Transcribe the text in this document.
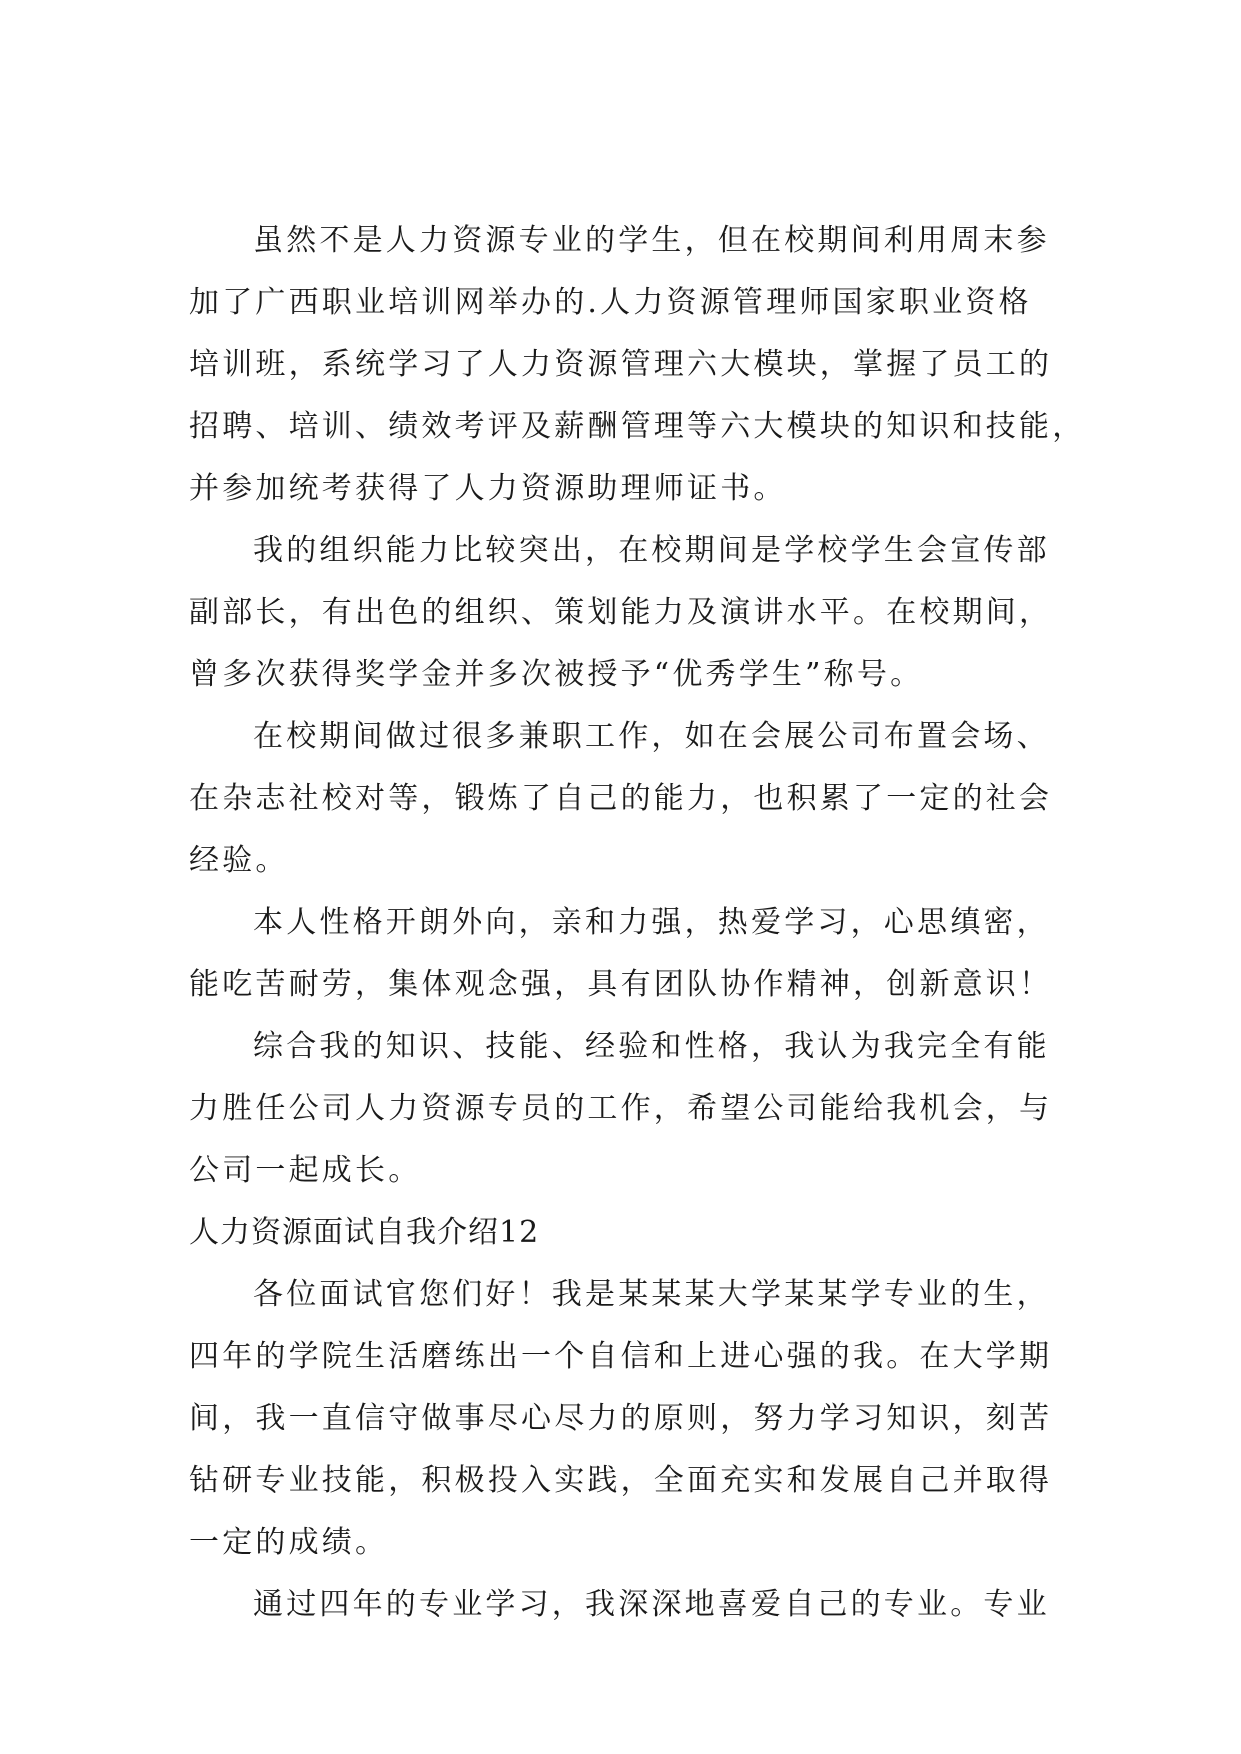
虽然不是人力资源专业的学生，但在校期间利用周末参
加了广西职业培训网举办的.人力资源管理师国家职业资格
培训班，系统学习了人力资源管理六大模块，掌握了员工的
招聘、培训、绩效考评及薪酬管理等六大模块的知识和技能，
并参加统考获得了人力资源助理师证书。
我的组织能力比较突出，在校期间是学校学生会宣传部
副部长，有出色的组织、策划能力及演讲水平。在校期间，
曾多次获得奖学金并多次被授予“优秀学生”称号。
在校期间做过很多兼职工作，如在会展公司布置会场、
在杂志社校对等，锻炼了自己的能力，也积累了一定的社会
经验。
本人性格开朗外向，亲和力强，热爱学习，心思缜密，
能吃苦耐劳，集体观念强，具有团队协作精神，创新意识！
综合我的知识、技能、经验和性格，我认为我完全有能
力胜任公司人力资源专员的工作，希望公司能给我机会，与
公司一起成长。
人力资源面试自我介绍12
各位面试官您们好！我是某某某大学某某学专业的生，
四年的学院生活磨练出一个自信和上进心强的我。在大学期
间，我一直信守做事尽心尽力的原则，努力学习知识，刻苦
钻研专业技能，积极投入实践，全面充实和发展自己并取得
一定的成绩。
通过四年的专业学习，我深深地喜爱自己的专业。专业
